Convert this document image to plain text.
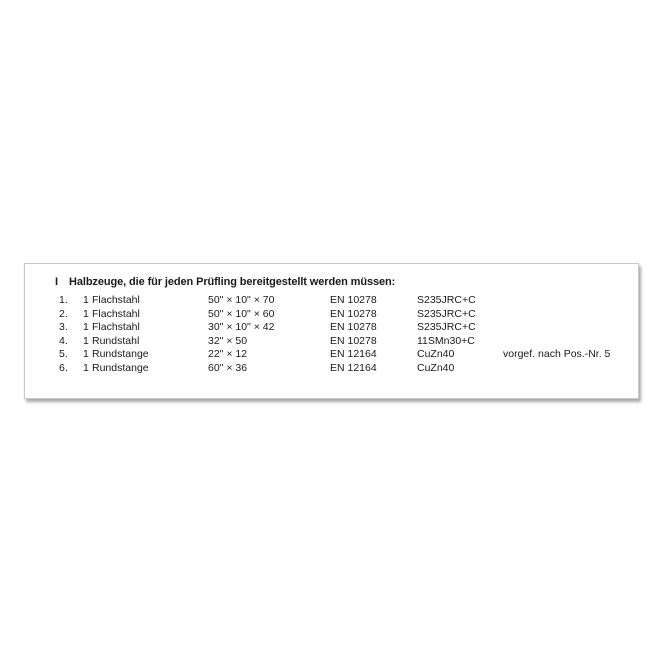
I Halbzeuge, die für jeden Prüfling bereitgestellt werden müssen:
1. 1 Flachstahl	50" × 10" × 70	EN 10278	S235JRC+C
2. 1 Flachstahl	50" × 10" × 60	EN 10278	S235JRC+C
3. 1 Flachstahl	30" × 10" × 42	EN 10278	S235JRC+C
4. 1 Rundstahl	32" × 50	EN 10278	11SMn30+C
5. 1 Rundstange	22" × 12	EN 12164	CuZn40	vorgef. nach Pos.-Nr. 5
6. 1 Rundstange	60" × 36	EN 12164	CuZn40
